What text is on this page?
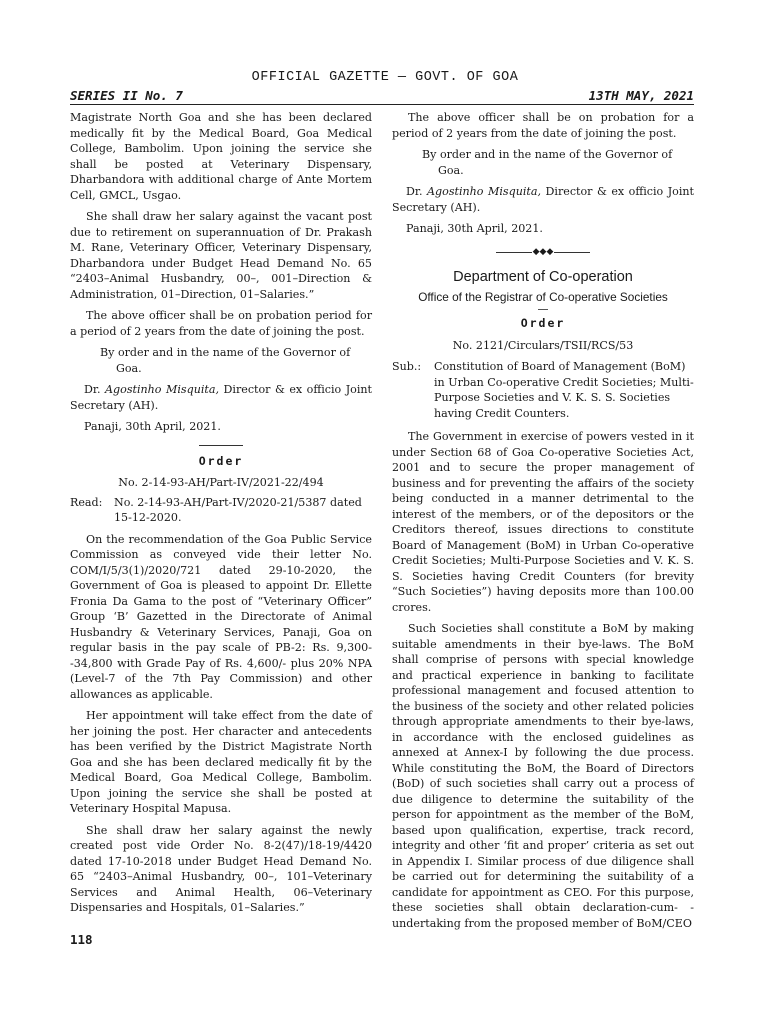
OFFICIAL GAZETTE — GOVT. OF GOA
SERIES II No. 7	13TH MAY, 2021

Magistrate North Goa and she has been declared medically fit by the Medical Board, Goa Medical College, Bambolim. Upon joining the service she shall be posted at Veterinary Dispensary, Dharbandora with additional charge of Ante Mortem Cell, GMCL, Usgao.

She shall draw her salary against the vacant post due to retirement on superannuation of Dr. Prakash M. Rane, Veterinary Officer, Veterinary Dispensary, Dharbandora under Budget Head Demand No. 65 “2403–Animal Husbandry, 00–, 001–Direction & Administration, 01–Direction, 01–Salaries.”

The above officer shall be on probation period for a period of 2 years from the date of joining the post.

By order and in the name of the Governor of
Goa.

Dr. Agostinho Misquita, Director & ex officio Joint Secretary (AH).

Panaji, 30th April, 2021.

Order
No. 2-14-93-AH/Part-IV/2021-22/494
Read:	No. 2-14-93-AH/Part-IV/2020-21/5387 dated 15-12-2020.

On the recommendation of the Goa Public Service Commission as conveyed vide their letter No. COM/I/5/3(1)/2020/721 dated 29-10-2020, the Government of Goa is pleased to appoint Dr. Ellette Fronia Da Gama to the post of “Veterinary Officer” Group ‘B’ Gazetted in the Directorate of Animal Husbandry & Veterinary Services, Panaji, Goa on regular basis in the pay scale of PB-2: Rs. 9,300- -34,800 with Grade Pay of Rs. 4,600/- plus 20% NPA (Level-7 of the 7th Pay Commission) and other allowances as applicable.

Her appointment will take effect from the date of her joining the post. Her character and antecedents has been verified by the District Magistrate North Goa and she has been declared medically fit by the Medical Board, Goa Medical College, Bambolim. Upon joining the service she shall be posted at Veterinary Hospital Mapusa.

She shall draw her salary against the newly created post vide Order No. 8-2(47)/18-19/4420 dated 17-10-2018 under Budget Head Demand No. 65 “2403–Animal Husbandry, 00–, 101–Veterinary Services and Animal Health, 06–Veterinary Dispensaries and Hospitals, 01–Salaries.”

The above officer shall be on probation for a period of 2 years from the date of joining the post.

By order and in the name of the Governor of
Goa.

Dr. Agostinho Misquita, Director & ex officio Joint Secretary (AH).

Panaji, 30th April, 2021.

◆◆◆
Department of Co-operation
Office of the Registrar of Co-operative Societies
Order
No. 2121/Circulars/TSII/RCS/53
Sub.:	Constitution of Board of Management (BoM) in Urban Co-operative Credit Societies; Multi-Purpose Societies and V. K. S. S. Societies having Credit Counters.

The Government in exercise of powers vested in it under Section 68 of Goa Co-operative Societies Act, 2001 and to secure the proper management of business and for preventing the affairs of the society being conducted in a manner detrimental to the interest of the members, or of the depositors or the Creditors thereof, issues directions to constitute Board of Management (BoM) in Urban Co-operative Credit Societies; Multi-Purpose Societies and V. K. S. S. Societies having Credit Counters (for brevity “Such Societies”) having deposits more than 100.00 crores.

Such Societies shall constitute a BoM by making suitable amendments in their bye-laws. The BoM shall comprise of persons with special knowledge and practical experience in banking to facilitate professional management and focused attention to the business of the society and other related policies through appropriate amendments to their bye-laws, in accordance with the enclosed guidelines as annexed at Annex-I by following the due process. While constituting the BoM, the Board of Directors (BoD) of such societies shall carry out a process of due diligence to determine the suitability of the person for appointment as the member of the BoM, based upon qualification, expertise, track record, integrity and other ‘fit and proper’ criteria as set out in Appendix I. Similar process of due diligence shall be carried out for determining the suitability of a candidate for appointment as CEO. For this purpose, these societies shall obtain declaration-cum- -undertaking from the proposed member of BoM/CEO

118
